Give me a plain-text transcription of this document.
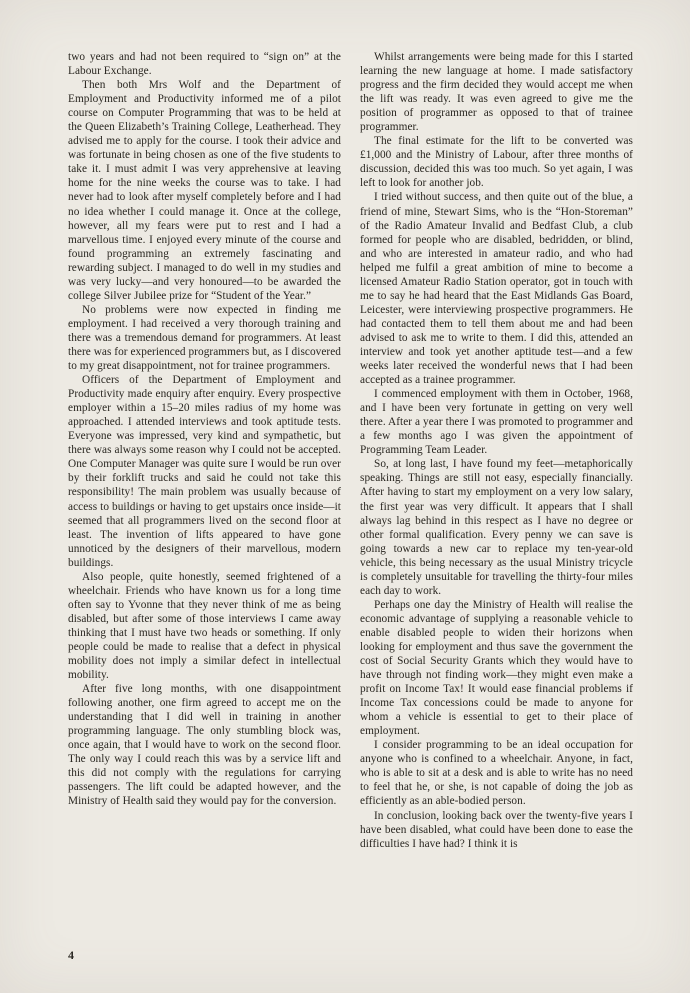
two years and had not been required to “sign on” at the Labour Exchange.

Then both Mrs Wolf and the Department of Employment and Productivity informed me of a pilot course on Computer Programming that was to be held at the Queen Elizabeth’s Training College, Leatherhead. They advised me to apply for the course. I took their advice and was fortunate in being chosen as one of the five students to take it. I must admit I was very apprehensive at leaving home for the nine weeks the course was to take. I had never had to look after myself completely before and I had no idea whether I could manage it. Once at the college, however, all my fears were put to rest and I had a marvellous time. I enjoyed every minute of the course and found programming an extremely fascinating and rewarding subject. I managed to do well in my studies and was very lucky—and very honoured—to be awarded the college Silver Jubilee prize for “Student of the Year.”

No problems were now expected in finding me employment. I had received a very thorough training and there was a tremendous demand for programmers. At least there was for experienced programmers but, as I discovered to my great disappointment, not for trainee programmers.

Officers of the Department of Employment and Productivity made enquiry after enquiry. Every prospective employer within a 15–20 miles radius of my home was approached. I attended interviews and took aptitude tests. Everyone was impressed, very kind and sympathetic, but there was always some reason why I could not be accepted. One Computer Manager was quite sure I would be run over by their forklift trucks and said he could not take this responsibility! The main problem was usually because of access to buildings or having to get upstairs once inside—it seemed that all programmers lived on the second floor at least. The invention of lifts appeared to have gone unnoticed by the designers of their marvellous, modern buildings.

Also people, quite honestly, seemed frightened of a wheelchair. Friends who have known us for a long time often say to Yvonne that they never think of me as being disabled, but after some of those interviews I came away thinking that I must have two heads or something. If only people could be made to realise that a defect in physical mobility does not imply a similar defect in intellectual mobility.

After five long months, with one disappointment following another, one firm agreed to accept me on the understanding that I did well in training in another programming language. The only stumbling block was, once again, that I would have to work on the second floor. The only way I could reach this was by a service lift and this did not comply with the regulations for carrying passengers. The lift could be adapted however, and the Ministry of Health said they would pay for the conversion.

Whilst arrangements were being made for this I started learning the new language at home. I made satisfactory progress and the firm decided they would accept me when the lift was ready. It was even agreed to give me the position of programmer as opposed to that of trainee programmer.

The final estimate for the lift to be converted was £1,000 and the Ministry of Labour, after three months of discussion, decided this was too much. So yet again, I was left to look for another job.

I tried without success, and then quite out of the blue, a friend of mine, Stewart Sims, who is the “Hon-Storeman” of the Radio Amateur Invalid and Bedfast Club, a club formed for people who are disabled, bedridden, or blind, and who are interested in amateur radio, and who had helped me fulfil a great ambition of mine to become a licensed Amateur Radio Station operator, got in touch with me to say he had heard that the East Midlands Gas Board, Leicester, were interviewing prospective programmers. He had contacted them to tell them about me and had been advised to ask me to write to them. I did this, attended an interview and took yet another aptitude test—and a few weeks later received the wonderful news that I had been accepted as a trainee programmer.

I commenced employment with them in October, 1968, and I have been very fortunate in getting on very well there. After a year there I was promoted to programmer and a few months ago I was given the appointment of Programming Team Leader.

So, at long last, I have found my feet—metaphorically speaking. Things are still not easy, especially financially. After having to start my employment on a very low salary, the first year was very difficult. It appears that I shall always lag behind in this respect as I have no degree or other formal qualification. Every penny we can save is going towards a new car to replace my ten-year-old vehicle, this being necessary as the usual Ministry tricycle is completely unsuitable for travelling the thirty-four miles each day to work.

Perhaps one day the Ministry of Health will realise the economic advantage of supplying a reasonable vehicle to enable disabled people to widen their horizons when looking for employment and thus save the government the cost of Social Security Grants which they would have to have through not finding work—they might even make a profit on Income Tax! It would ease financial problems if Income Tax concessions could be made to anyone for whom a vehicle is essential to get to their place of employment.

I consider programming to be an ideal occupation for anyone who is confined to a wheelchair. Anyone, in fact, who is able to sit at a desk and is able to write has no need to feel that he, or she, is not capable of doing the job as efficiently as an able-bodied person.

In conclusion, looking back over the twenty-five years I have been disabled, what could have been done to ease the difficulties I have had? I think it is

4
